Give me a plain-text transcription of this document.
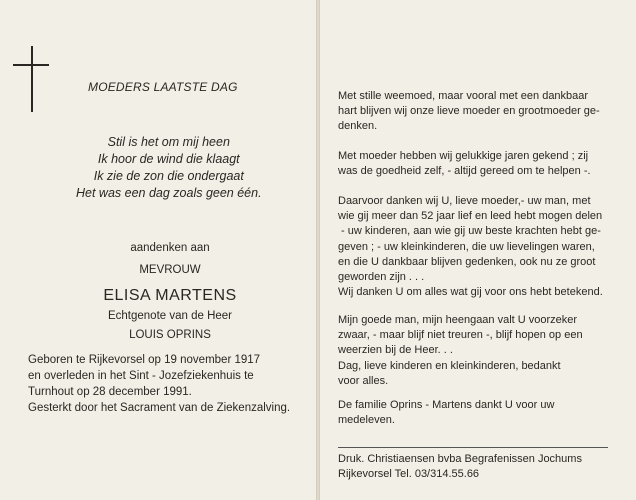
MOEDERS LAATSTE DAG

Stil is het om mij heen
Ik hoor de wind die klaagt
Ik zie de zon die ondergaat
Het was een dag zoals geen één.

aandenken aan

MEVROUW

ELISA MARTENS

Echtgenote van de Heer

LOUIS OPRINS

Geboren te Rijkevorsel op 19 november 1917
en overleden in het Sint - Jozefziekenhuis te
Turnhout op 28 december 1991.
Gesterkt door het Sacrament van de Ziekenzalving.
Met stille weemoed, maar vooral met een dankbaar
hart blijven wij onze lieve moeder en grootmoeder ge-
denken.
Met moeder hebben wij gelukkige jaren gekend ; zij
was de goedheid zelf, - altijd gereed om te helpen -.
Daarvoor danken wij U, lieve moeder,- uw man, met
wie gij meer dan 52 jaar lief en leed hebt mogen delen
- uw kinderen, aan wie gij uw beste krachten hebt ge-
geven ; - uw kleinkinderen, die uw lievelingen waren,
en die U dankbaar blijven gedenken, ook nu ze groot
geworden zijn . . .
Wij danken U om alles wat gij voor ons hebt betekend.
Mijn goede man, mijn heengaan valt U voorzeker
zwaar, - maar blijf niet treuren -, blijf hopen op een
weerzien bij de Heer. . .
Dag, lieve kinderen en kleinkinderen, bedankt
voor alles.
De familie Oprins - Martens dankt U voor uw
medeleven.
Druk. Christiaensen bvba Begrafenissen Jochums
Rijkevorsel Tel. 03/314.55.66
